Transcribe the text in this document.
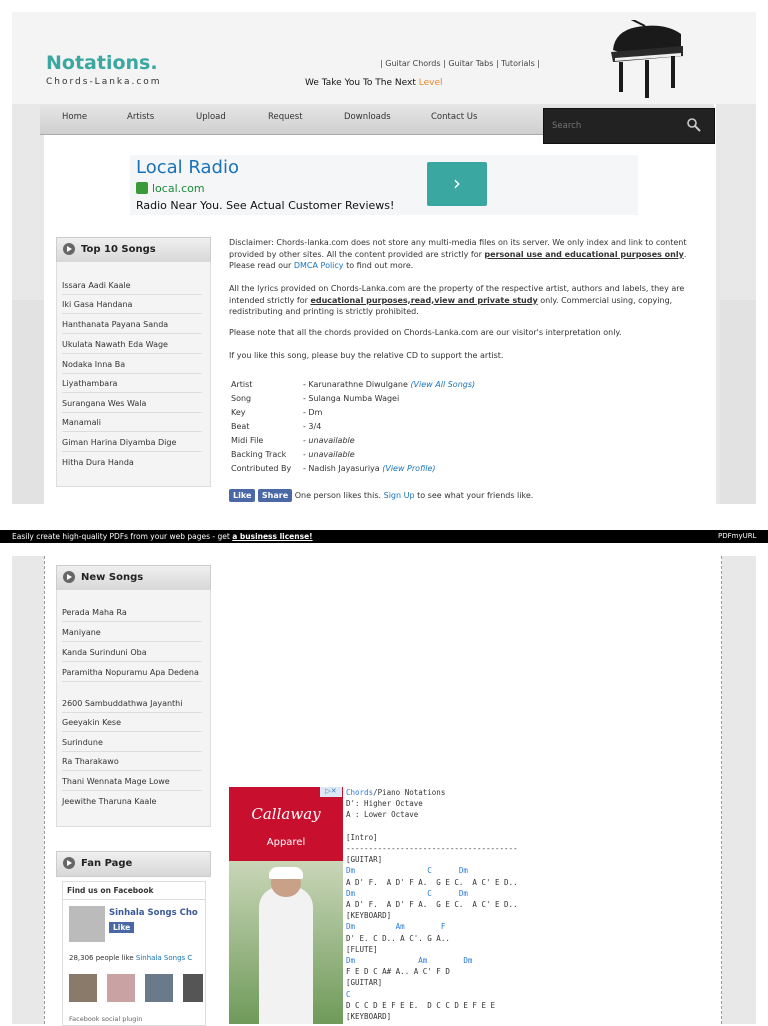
Notations.
Chords-Lanka.com
| Guitar Chords | Guitar Tabs | Tutorials |
We Take You To The Next Level
Home	Artists	Upload	Request	Downloads	Contact Us
Search
Local Radio
local.com
Radio Near You. See Actual Customer Reviews!
›
Top 10 Songs
Issara Aadi Kaale
Iki Gasa Handana
Hanthanata Payana Sanda
Ukulata Nawath Eda Wage
Nodaka Inna Ba
Liyathambara
Surangana Wes Wala
Manamali
Giman Harina Diyamba Dige
Hitha Dura Handa
Disclaimer: Chords-lanka.com does not store any multi-media files on its server. We only index and link to content provided by other sites. All the content provided are strictly for personal use and educational purposes only. Please read our DMCA Policy to find out more.
All the lyrics provided on Chords-Lanka.com are the property of the respective artist, authors and labels, they are intended strictly for educational purposes,read,view and private study only. Commercial using, copying, redistributing and printing is strictly prohibited.
Please note that all the chords provided on Chords-Lanka.com are our visitor's interpretation only.
If you like this song, please buy the relative CD to support the artist.
Artist	- Karunarathne Diwulgane (View All Songs)
Song	- Sulanga Numba Wagei
Key	- Dm
Beat	- 3/4
Midi File	- unavailable
Backing Track - unavailable
Contributed By - Nadish Jayasuriya (View Profile)
Like Share One person likes this. Sign Up to see what your friends like.
Easily create high-quality PDFs from your web pages - get a business license!	PDFmyURL
New Songs
Perada Maha Ra
Maniyane
Kanda Surinduni Oba
Paramitha Nopuramu Apa Dedena
2600 Sambuddathwa Jayanthi
Geeyakin Kese
Surindune
Ra Tharakawo
Thani Wennata Mage Lowe
Jeewithe Tharuna Kaale
Fan Page
Find us on Facebook
Sinhala Songs Cho
Like
28,306 people like Sinhala Songs C
Facebook social plugin
Callaway
Apparel
▷✕	Chords/Piano Notations
D': Higher Octave
A : Lower Octave

[Intro]
--------------------------------------
[GUITAR]
Dm                C      Dm
A D' F.  A D' F A.  G E C.  A C' E D..
Dm                C      Dm
A D' F.  A D' F A.  G E C.  A C' E D..
[KEYBOARD]
Dm         Am        F
D' E. C D.. A C'. G A..
[FLUTE]
Dm              Am        Dm
F E D C A# A.. A C' F D
[GUITAR]
C
D C C D E F E E.  D C C D E F E E
[KEYBOARD]
